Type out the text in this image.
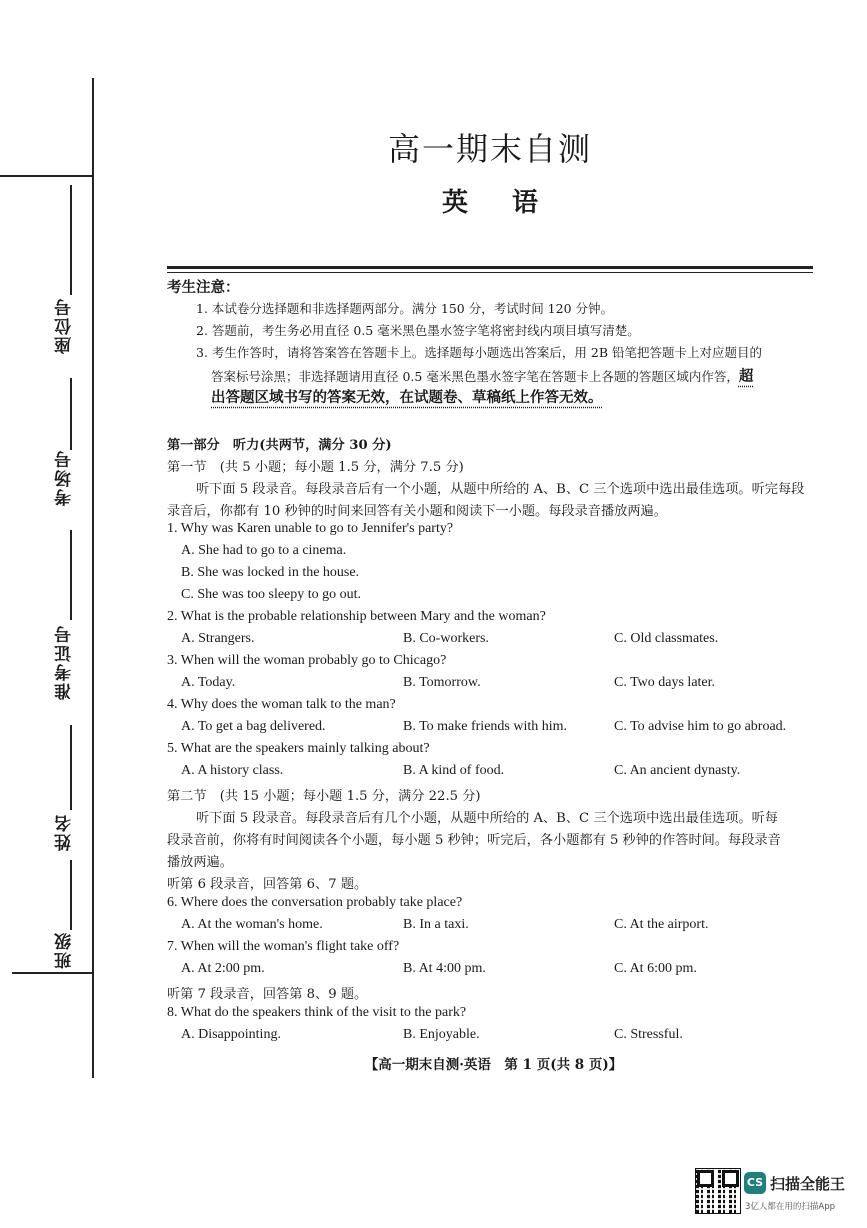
座位号
考场号
准考证号
姓名
班级
高一期末自测
英语
考生注意：
1. 本试卷分选择题和非选择题两部分。满分 150 分，考试时间 120 分钟。
2. 答题前，考生务必用直径 0.5 毫米黑色墨水签字笔将密封线内项目填写清楚。
3. 考生作答时，请将答案答在答题卡上。选择题每小题选出答案后，用 2B 铅笔把答题卡上对应题目的
答案标号涂黑；非选择题请用直径 0.5 毫米黑色墨水签字笔在答题卡上各题的答题区域内作答，超
出答题区域书写的答案无效，在试题卷、草稿纸上作答无效。
第一部分　听力(共两节，满分 30 分)
第一节　(共 5 小题；每小题 1.5 分，满分 7.5 分)
听下面 5 段录音。每段录音后有一个小题，从题中所给的 A、B、C 三个选项中选出最佳选项。听完每段
录音后，你都有 10 秒钟的时间来回答有关小题和阅读下一小题。每段录音播放两遍。
1. Why was Karen unable to go to Jennifer's party?
A. She had to go to a cinema.
B. She was locked in the house.
C. She was too sleepy to go out.
2. What is the probable relationship between Mary and the woman?
A. Strangers.	B. Co-workers.	C. Old classmates.
3. When will the woman probably go to Chicago?
A. Today.	B. Tomorrow.	C. Two days later.
4. Why does the woman talk to the man?
A. To get a bag delivered.	B. To make friends with him.	C. To advise him to go abroad.
5. What are the speakers mainly talking about?
A. A history class.	B. A kind of food.	C. An ancient dynasty.
第二节　(共 15 小题；每小题 1.5 分，满分 22.5 分)
听下面 5 段录音。每段录音后有几个小题，从题中所给的 A、B、C 三个选项中选出最佳选项。听每
段录音前，你将有时间阅读各个小题，每小题 5 秒钟；听完后，各小题都有 5 秒钟的作答时间。每段录音
播放两遍。
听第 6 段录音，回答第 6、7 题。
6. Where does the conversation probably take place?
A. At the woman's home.	B. In a taxi.	C. At the airport.
7. When will the woman's flight take off?
A. At 2:00 pm.	B. At 4:00 pm.	C. At 6:00 pm.
听第 7 段录音，回答第 8、9 题。
8. What do the speakers think of the visit to the park?
A. Disappointing.	B. Enjoyable.	C. Stressful.
【高一期末自测·英语　第 1 页(共 8 页)】
CS 扫描全能王
3亿人都在用的扫描App
